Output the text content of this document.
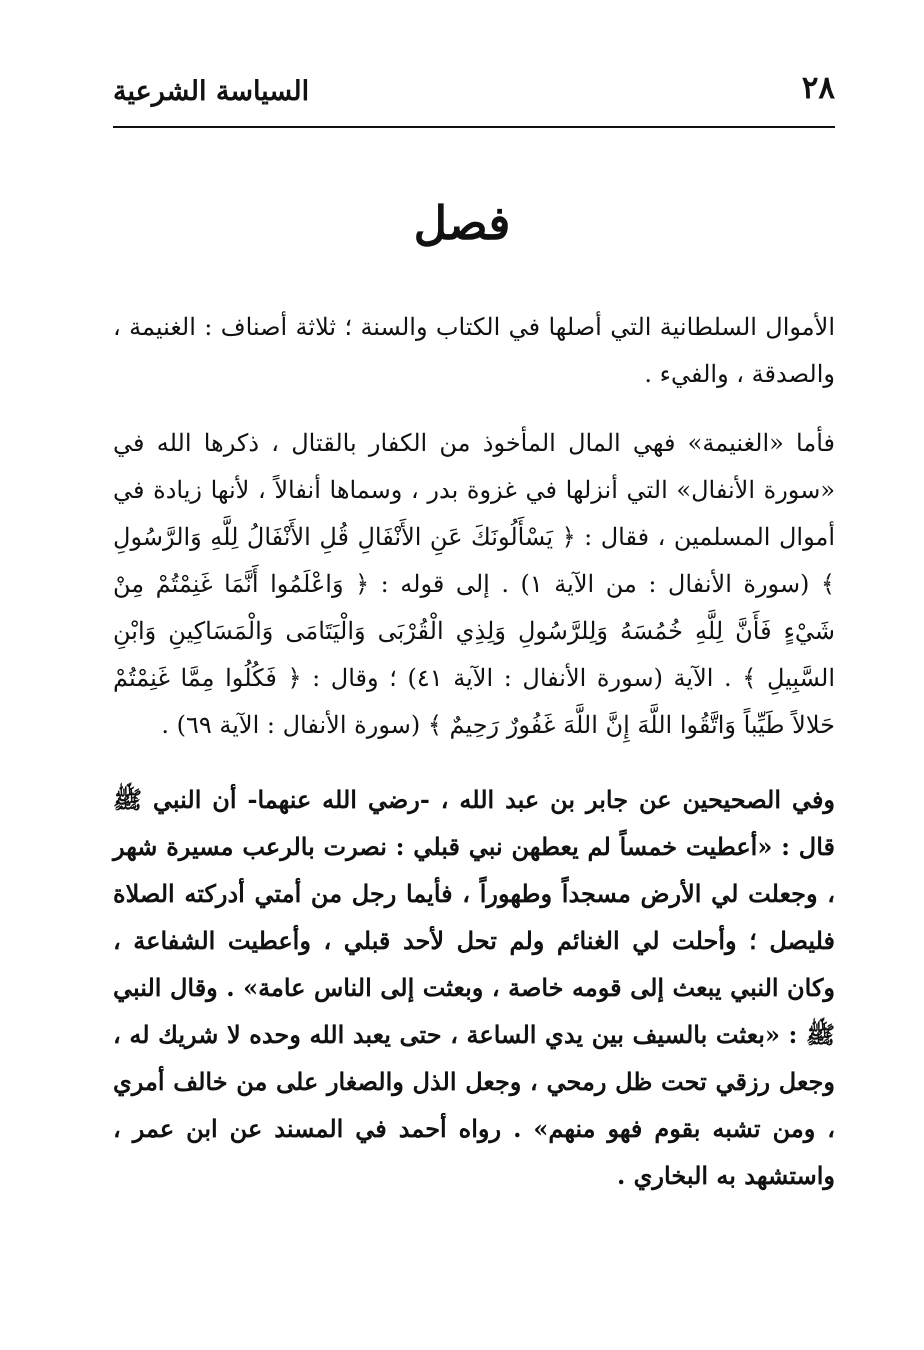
٢٨
السياسة الشرعية
فصل

الأموال السلطانية التي أصلها في الكتاب والسنة ؛ ثلاثة أصناف : الغنيمة ، والصدقة ، والفيء .

فأما «الغنيمة» فهي المال المأخوذ من الكفار بالقتال ، ذكرها الله في «سورة الأنفال» التي أنزلها في غزوة بدر ، وسماها أنفالاً ، لأنها زيادة في أموال المسلمين ، فقال : ﴿ يَسْأَلُونَكَ عَنِ الأَنْفَالِ قُلِ الأَنْفَالُ لِلَّهِ وَالرَّسُولِ ﴾ (سورة الأنفال : من الآية ١) . إلى قوله : ﴿ وَاعْلَمُوا أَنَّمَا غَنِمْتُمْ مِنْ شَيْءٍ فَأَنَّ لِلَّهِ خُمُسَهُ وَلِلرَّسُولِ وَلِذِي الْقُرْبَى وَالْيَتَامَى وَالْمَسَاكِينِ وَابْنِ السَّبِيلِ ﴾ . الآية (سورة الأنفال : الآية ٤١) ؛ وقال : ﴿ فَكُلُوا مِمَّا غَنِمْتُمْ حَلالاً طَيِّباً وَاتَّقُوا اللَّهَ إِنَّ اللَّهَ غَفُورٌ رَحِيمٌ ﴾ (سورة الأنفال : الآية ٦٩) .

وفي الصحيحين عن جابر بن عبد الله ، -رضي الله عنهما- أن النبي ﷺ قال : «أعطيت خمساً لم يعطهن نبي قبلي : نصرت بالرعب مسيرة شهر ، وجعلت لي الأرض مسجداً وطهوراً ، فأيما رجل من أمتي أدركته الصلاة فليصل ؛ وأحلت لي الغنائم ولم تحل لأحد قبلي ، وأعطيت الشفاعة ، وكان النبي يبعث إلى قومه خاصة ، وبعثت إلى الناس عامة» . وقال النبي ﷺ : «بعثت بالسيف بين يدي الساعة ، حتى يعبد الله وحده لا شريك له ، وجعل رزقي تحت ظل رمحي ، وجعل الذل والصغار على من خالف أمري ، ومن تشبه بقوم فهو منهم» . رواه أحمد في المسند عن ابن عمر ، واستشهد به البخاري .
